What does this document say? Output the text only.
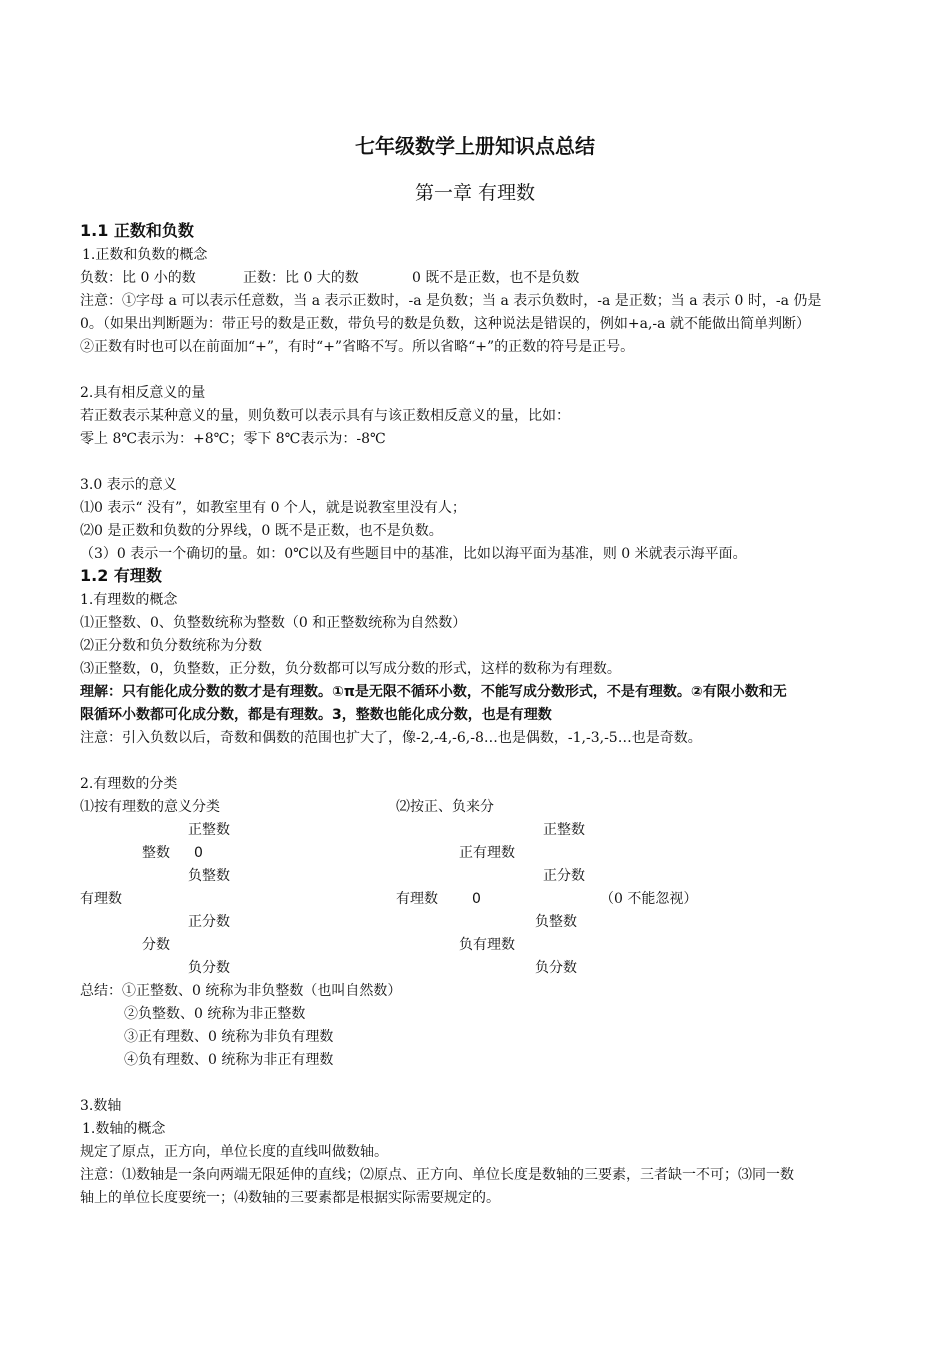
七年级数学上册知识点总结
第一章 有理数
1.1 正数和负数
1.正数和负数的概念
负数：比 0 小的数	正数：比 0 大的数	0 既不是正数，也不是负数
注意：①字母 a 可以表示任意数，当 a 表示正数时，-a 是负数；当 a 表示负数时，-a 是正数；当 a 表示 0 时，-a 仍是
0。（如果出判断题为：带正号的数是正数，带负号的数是负数，这种说法是错误的，例如+a,-a 就不能做出简单判断）
②正数有时也可以在前面加“+”，有时“+”省略不写。所以省略“+”的正数的符号是正号。
2.具有相反意义的量
若正数表示某种意义的量，则负数可以表示具有与该正数相反意义的量，比如：
零上 8℃表示为：+8℃；零下 8℃表示为：-8℃
3.0 表示的意义
⑴0 表示“ 没有”，如教室里有 0 个人，就是说教室里没有人；
⑵0 是正数和负数的分界线，0 既不是正数，也不是负数。
（3）0 表示一个确切的量。如：0℃以及有些题目中的基准，比如以海平面为基准，则 0 米就表示海平面。
1.2 有理数
1.有理数的概念
⑴正整数、0、负整数统称为整数（0 和正整数统称为自然数）
⑵正分数和负分数统称为分数
⑶正整数，0，负整数，正分数，负分数都可以写成分数的形式，这样的数称为有理数。
理解：只有能化成分数的数才是有理数。①π是无限不循环小数，不能写成分数形式，不是有理数。②有限小数和无
限循环小数都可化成分数，都是有理数。3，整数也能化成分数，也是有理数
注意：引入负数以后，奇数和偶数的范围也扩大了，像-2,-4,-6,-8…也是偶数，-1,-3,-5…也是奇数。
2.有理数的分类
⑴按有理数的意义分类	⑵按正、负来分
正整数
整数 0
负整数
有理数
正分数
分数
负分数
正整数
正有理数
正分数
有理数 0	（0 不能忽视）
负整数
负有理数
负分数
总结：①正整数、0 统称为非负整数（也叫自然数）
②负整数、0 统称为非正整数
③正有理数、0 统称为非负有理数
④负有理数、0 统称为非正有理数
3.数轴
1.数轴的概念
规定了原点，正方向，单位长度的直线叫做数轴。
注意：⑴数轴是一条向两端无限延伸的直线；⑵原点、正方向、单位长度是数轴的三要素，三者缺一不可；⑶同一数
轴上的单位长度要统一；⑷数轴的三要素都是根据实际需要规定的。
